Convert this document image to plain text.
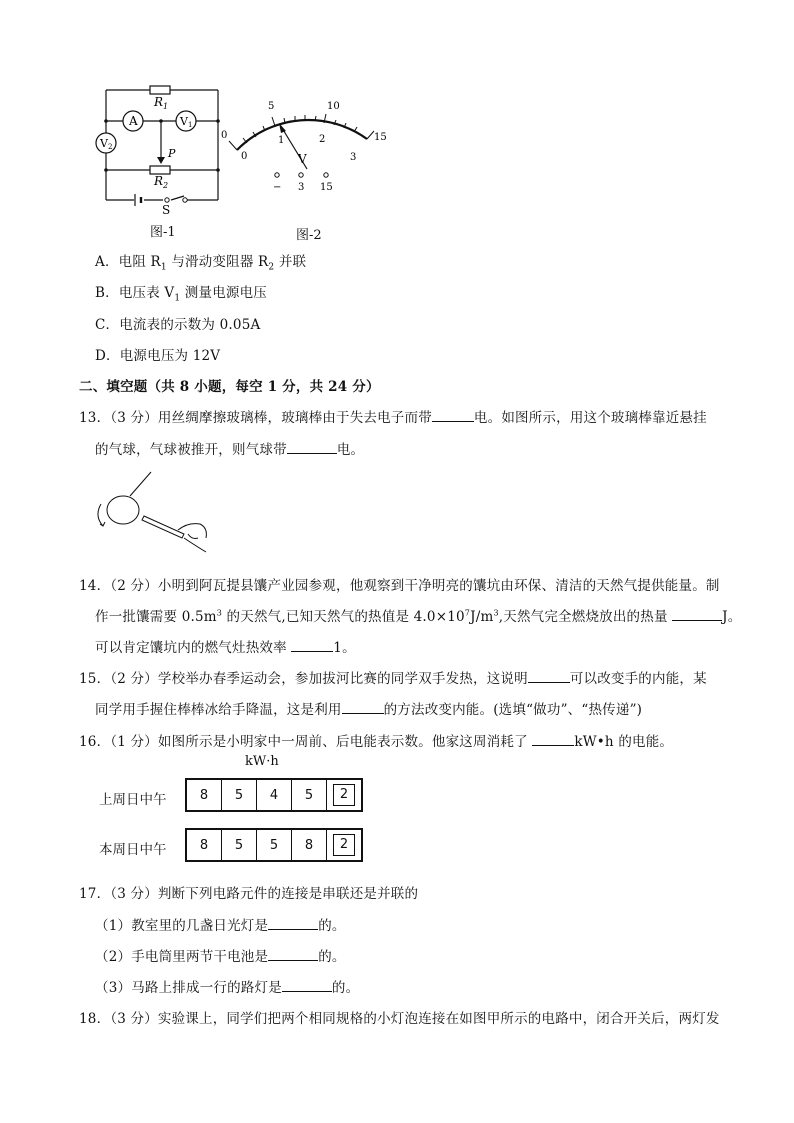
$R_1$
A	V1
V2	P
$R_2$
S
图-1
0
5	10
15
0
1	2
3
V
− 3 15
图-2
A．电阻 $R_1$ 与滑动变阻器 $R_2$ 并联
B．电压表 $V_1$ 测量电源电压
C．电流表的示数为 0.05A
D．电源电压为 12V
二、填空题（共 8 小题，每空 1 分，共 24 分）
13．（3 分）用丝绸摩擦玻璃棒，玻璃棒由于失去电子而带	电。如图所示，用这个玻璃棒靠近悬挂
的气球，气球被推开，则气球带	电。
14．（2 分）小明到阿瓦提县馕产业园参观，他观察到干净明亮的馕坑由环保、清洁的天然气提供能量。制
作一批馕需要 $0.5m^3$ 的天然气,已知天然气的热值是 $4.0\times 10^7J/m^3$,天然气完全燃烧放出的热量	J。
可以肯定馕坑内的燃气灶热效率	1。
15．（2 分）学校举办春季运动会，参加拔河比赛的同学双手发热，这说明	可以改变手的内能，某
同学用手握住棒棒冰给手降温，这是利用	的方法改变内能。(选填“做功”、“热传递”)
16．（1 分）如图所示是小明家中一周前、后电能表示数。他家这周消耗了	kW•h 的电能。
kW·h
上周日中午	8	5	4	5	2
本周日中午	8	5	5	8	2
17．（3 分）判断下列电路元件的连接是串联还是并联的
（1）教室里的几盏日光灯是	的。
（2）手电筒里两节干电池是	的。
（3）马路上排成一行的路灯是	的。
18．（3 分）实验课上，同学们把两个相同规格的小灯泡连接在如图甲所示的电路中，闭合开关后，两灯发
